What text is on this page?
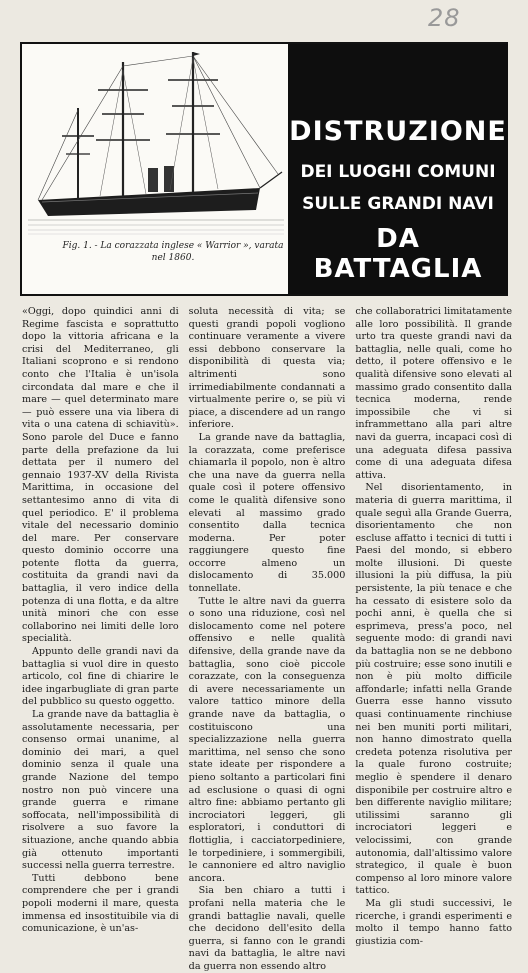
28
Fig. 1. - La corazzata inglese « Warrior », varata nel 1860.
DISTRUZIONE
DEI LUOGHI COMUNI
SULLE GRANDI NAVI
DA BATTAGLIA

«Oggi, dopo quindici anni di Regime fascista e soprattutto dopo la vittoria africana e la crisi del Mediterraneo, gli Italiani scoprono e si rendono conto che l'Italia è un'isola circondata dal mare e che il mare — quel determinato mare — può essere una via libera di vita o una catena di schiavitù». Sono parole del Duce e fanno parte della prefazione da lui dettata per il numero del gennaio 1937-XV della Rivista Marittima, in occasione del settantesimo anno di vita di quel periodico. E' il problema vitale del necessario dominio del mare. Per conservare questo dominio occorre una potente flotta da guerra, costituita da grandi navi da battaglia, il vero indice della potenza di una flotta, e da altre unità minori che con esse collaborino nei limiti delle loro specialità.

Appunto delle grandi navi da battaglia si vuol dire in questo articolo, col fine di chiarire le idee ingarbugliate di gran parte del pubblico su questo oggetto.

La grande nave da battaglia è assolutamente necessaria, per consenso ormai unanime, al dominio dei mari, a quel dominio senza il quale una grande Nazione del tempo nostro non può vincere una grande guerra e rimane soffocata, nell'impossibilità di risolvere a suo favore la situazione, anche quando abbia già ottenuto importanti successi nella guerra terrestre.

Tutti debbono bene comprendere che per i grandi popoli moderni il mare, questa immensa ed insostituibile via di comunicazione, è un'as-

soluta necessità di vita; se questi grandi popoli vogliono continuare veramente a vivere essi debbono conservare la disponibilità di questa via; altrimenti sono irrimediabilmente condannati a virtualmente perire o, se più vi piace, a discendere ad un rango inferiore.

La grande nave da battaglia, la corazzata, come preferisce chiamarla il popolo, non è altro che una nave da guerra nella quale così il potere offensivo come le qualità difensive sono elevati al massimo grado consentito dalla tecnica moderna. Per poter raggiungere questo fine occorre almeno un dislocamento di 35.000 tonnellate.

Tutte le altre navi da guerra o sono una riduzione, così nel dislocamento come nel potere offensivo e nelle qualità difensive, della grande nave da battaglia, sono cioè piccole corazzate, con la conseguenza di avere necessariamente un valore tattico minore della grande nave da battaglia, o costituiscono una specializzazione nella guerra marittima, nel senso che sono state ideate per rispondere a pieno soltanto a particolari fini ad esclusione o quasi di ogni altro fine: abbiamo pertanto gli incrociatori leggeri, gli esploratori, i conduttori di flottiglia, i cacciatorpediniere, le torpediniere, i sommergibili, le cannoniere ed altro naviglio ancora.

Sia ben chiaro a tutti i profani nella materia che le grandi battaglie navali, quelle che decidono dell'esito della guerra, si fanno con le grandi navi da battaglia, le altre navi da guerra non essendo altro

che collaboratrici limitatamente alle loro possibilità. Il grande urto tra queste grandi navi da battaglia, nelle quali, come ho detto, il potere offensivo e le qualità difensive sono elevati al massimo grado consentito dalla tecnica moderna, rende impossibile che vi si inframmettano alla pari altre navi da guerra, incapaci così di una adeguata difesa passiva come di una adeguata difesa attiva.

Nel disorientamento, in materia di guerra marittima, il quale seguì alla Grande Guerra, disorientamento che non escluse affatto i tecnici di tutti i Paesi del mondo, si ebbero molte illusioni. Di queste illusioni la più diffusa, la più persistente, la più tenace e che ha cessato di esistere solo da pochi anni, è quella che si esprimeva, press'a poco, nel seguente modo: di grandi navi da battaglia non se ne debbono più costruire; esse sono inutili e non è più molto difficile affondarle; infatti nella Grande Guerra esse hanno vissuto quasi continuamente rinchiuse nei ben muniti porti militari, non hanno dimostrato quella credeta potenza risolutiva per la quale furono costruite; meglio è spendere il denaro disponibile per costruire altro e ben differente naviglio militare; utilissimi saranno gli incrociatori leggeri e velocissimi, con grande autonomia, dall'altissimo valore strategico, il quale è buon compenso al loro minore valore tattico.

Ma gli studi successivi, le ricerche, i grandi esperimenti e molto il tempo hanno fatto giustizia com-
